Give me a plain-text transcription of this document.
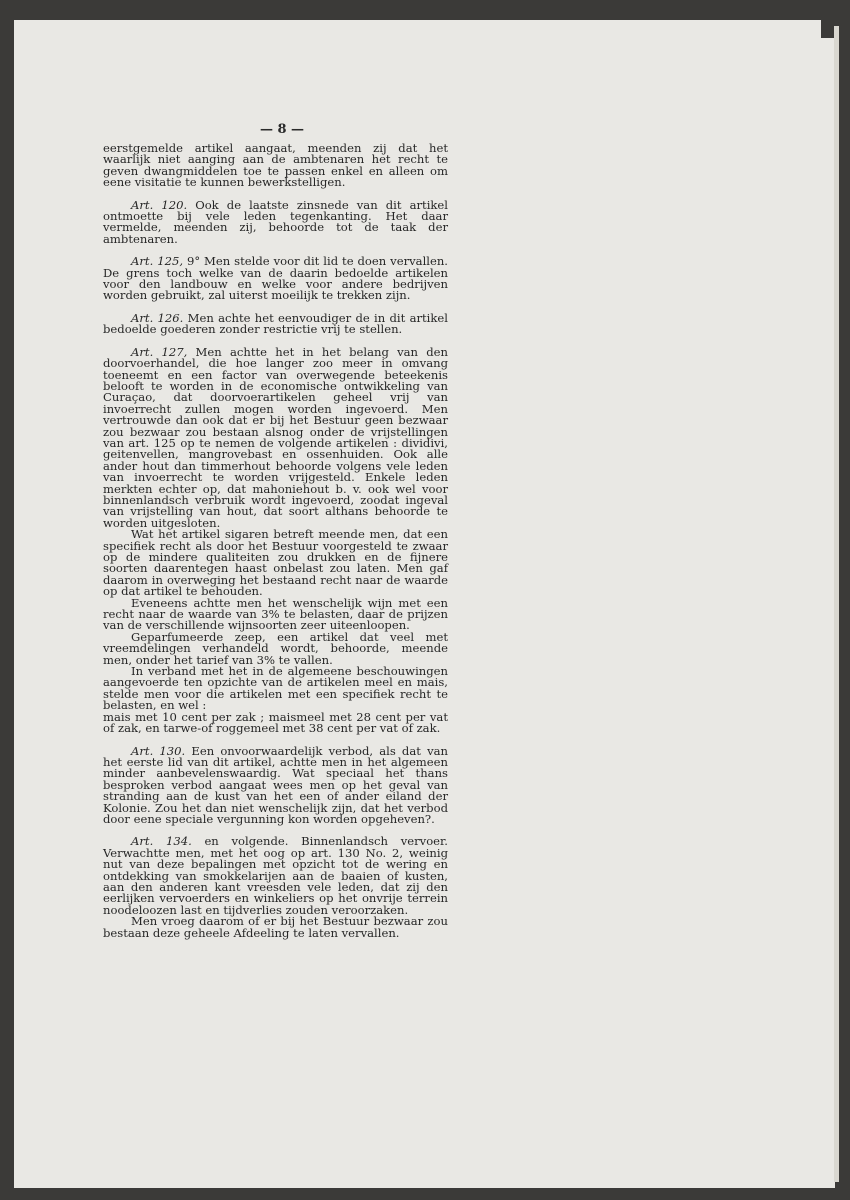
— 8 —

eerstgemelde artikel aangaat, meenden zij dat het waarlijk niet aanging aan de ambtenaren het recht te geven dwangmiddelen toe te passen enkel en alleen om eene visitatie te kunnen bewerkstelligen.

Art. 120. Ook de laatste zinsnede van dit artikel ontmoette bij vele leden tegenkanting. Het daar vermelde, meenden zij, behoorde tot de taak der ambtenaren.

Art. 125, 9° Men stelde voor dit lid te doen vervallen. De grens toch welke van de daarin bedoelde artikelen voor den landbouw en welke voor andere bedrijven worden gebruikt, zal uiterst moeilijk te trekken zijn.

Art. 126. Men achte het eenvoudiger de in dit artikel bedoelde goederen zonder restrictie vrij te stellen.

Art. 127, Men achtte het in het belang van den doorvoerhandel, die hoe langer zoo meer in omvang toeneemt en een factor van overwegende beteekenis belooft te worden in de economische ontwikkeling van Curaçao, dat doorvoerartikelen geheel vrij van invoerrecht zullen mogen worden ingevoerd. Men vertrouwde dan ook dat er bij het Bestuur geen bezwaar zou bezwaar zou bestaan alsnog onder de vrijstellingen van art. 125 op te nemen de volgende artikelen : dividivi, geitenvellen, mangrovebast en ossenhuiden. Ook alle ander hout dan timmerhout behoorde volgens vele leden van invoerrecht te worden vrijgesteld. Enkele leden merkten echter op, dat mahoniehout b. v. ook wel voor binnenlandsch verbruik wordt ingevoerd, zoodat ingeval van vrijstelling van hout, dat soort althans behoorde te worden uitgesloten.

Wat het artikel sigaren betreft meende men, dat een specifiek recht als door het Bestuur voorgesteld te zwaar op de mindere qualiteiten zou drukken en de fijnere soorten daarentegen haast onbelast zou laten. Men gaf daarom in overweging het bestaand recht naar de waarde op dat artikel te behouden.

Eveneens achtte men het wenschelijk wijn met een recht naar de waarde van 3% te belasten, daar de prijzen van de verschillende wijnsoorten zeer uiteenloopen.

Geparfumeerde zeep, een artikel dat veel met vreemdelingen verhandeld wordt, behoorde, meende men, onder het tarief van 3% te vallen.

In verband met het in de algemeene beschouwingen aangevoerde ten opzichte van de artikelen meel en mais, stelde men voor die artikelen met een specifiek recht te belasten, en wel :

mais met 10 cent per zak ; maismeel met 28 cent per vat of zak, en tarwe-of roggemeel met 38 cent per vat of zak.

Art. 130. Een onvoorwaardelijk verbod, als dat van het eerste lid van dit artikel, achtte men in het algemeen minder aanbevelenswaardig. Wat speciaal het thans besproken verbod aangaat wees men op het geval van stranding aan de kust van het een of ander eiland der Kolonie. Zou het dan niet wenschelijk zijn, dat het verbod door eene speciale vergunning kon worden opgeheven?.

Art. 134. en volgende. Binnenlandsch vervoer. Verwachtte men, met het oog op art. 130 No. 2, weinig nut van deze bepalingen met opzicht tot de wering en ontdekking van smokkelarijen aan de baaien of kusten, aan den anderen kant vreesden vele leden, dat zij den eerlijken vervoerders en winkeliers op het onvrije terrein noodeloozen last en tijdverlies zouden veroorzaken.

Men vroeg daarom of er bij het Bestuur bezwaar zou bestaan deze geheele Afdeeling te laten vervallen.
